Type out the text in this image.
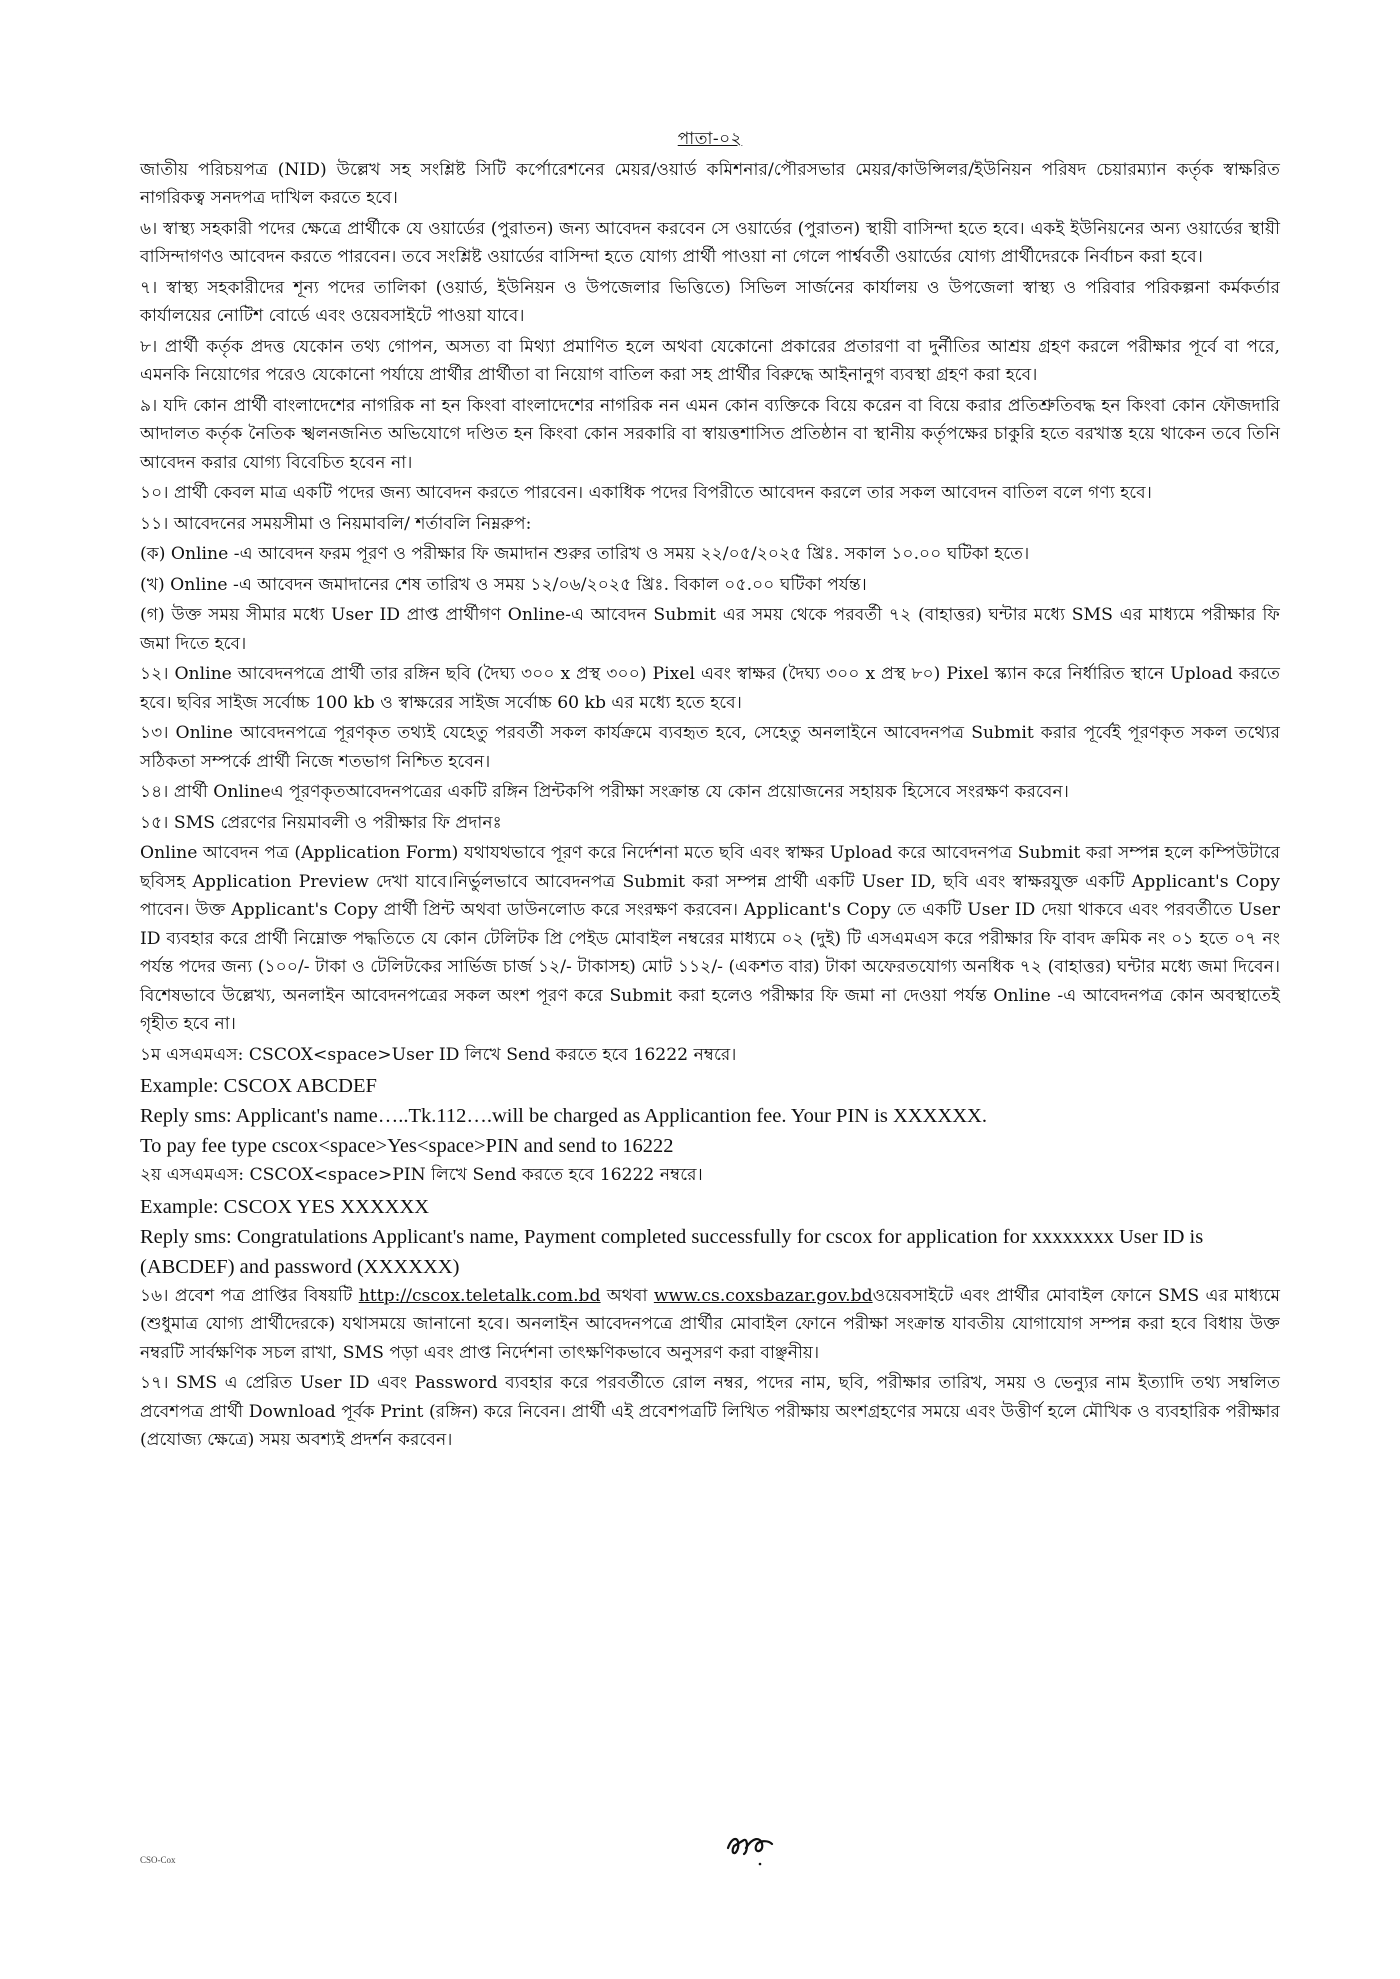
পাতা-০২

জাতীয় পরিচয়পত্র (NID) উল্লেখ সহ সংশ্লিষ্ট সিটি কর্পোরেশনের মেয়র/ওয়ার্ড কমিশনার/পৌরসভার মেয়র/কাউন্সিলর/ইউনিয়ন পরিষদ চেয়ারম্যান কর্তৃক স্বাক্ষরিত নাগরিকত্ব সনদপত্র দাখিল করতে হবে।

৬। স্বাস্থ্য সহকারী পদের ক্ষেত্রে প্রার্থীকে যে ওয়ার্ডের (পুরাতন) জন্য আবেদন করবেন সে ওয়ার্ডের (পুরাতন) স্থায়ী বাসিন্দা হতে হবে। একই ইউনিয়নের অন্য ওয়ার্ডের স্থায়ী বাসিন্দাগণও আবেদন করতে পারবেন। তবে সংশ্লিষ্ট ওয়ার্ডের বাসিন্দা হতে যোগ্য প্রার্থী পাওয়া না গেলে পার্শ্ববর্তী ওয়ার্ডের যোগ্য প্রার্থীদেরকে নির্বাচন করা হবে।

৭। স্বাস্থ্য সহকারীদের শূন্য পদের তালিকা (ওয়ার্ড, ইউনিয়ন ও উপজেলার ভিত্তিতে) সিভিল সার্জনের কার্যালয় ও উপজেলা স্বাস্থ্য ও পরিবার পরিকল্পনা কর্মকর্তার কার্যালয়ের নোটিশ বোর্ডে এবং ওয়েবসাইটে পাওয়া যাবে।

৮। প্রার্থী কর্তৃক প্রদত্ত যেকোন তথ্য গোপন, অসত্য বা মিথ্যা প্রমাণিত হলে অথবা যেকোনো প্রকারের প্রতারণা বা দুর্নীতির আশ্রয় গ্রহণ করলে পরীক্ষার পূর্বে বা পরে, এমনকি নিয়োগের পরেও যেকোনো পর্যায়ে প্রার্থীর প্রার্থীতা বা নিয়োগ বাতিল করা সহ প্রার্থীর বিরুদ্ধে আইনানুগ ব্যবস্থা গ্রহণ করা হবে।

৯। যদি কোন প্রার্থী বাংলাদেশের নাগরিক না হন কিংবা বাংলাদেশের নাগরিক নন এমন কোন ব্যক্তিকে বিয়ে করেন বা বিয়ে করার প্রতিশ্রুতিবদ্ধ হন কিংবা কোন ফৌজদারি আদালত কর্তৃক নৈতিক স্খলনজনিত অভিযোগে দণ্ডিত হন কিংবা কোন সরকারি বা স্বায়ত্তশাসিত প্রতিষ্ঠান বা স্থানীয় কর্তৃপক্ষের চাকুরি হতে বরখাস্ত হয়ে থাকেন তবে তিনি আবেদন করার যোগ্য বিবেচিত হবেন না।

১০। প্রার্থী কেবল মাত্র একটি পদের জন্য আবেদন করতে পারবেন। একাধিক পদের বিপরীতে আবেদন করলে তার সকল আবেদন বাতিল বলে গণ্য হবে।

১১। আবেদনের সময়সীমা ও নিয়মাবলি/ শর্তাবলি নিম্নরুপ:

(ক) Online -এ আবেদন ফরম পূরণ ও পরীক্ষার ফি জমাদান শুরুর তারিখ ও সময় ২২/০৫/২০২৫ খ্রিঃ. সকাল ১০.০০ ঘটিকা হতে।

(খ) Online -এ আবেদন জমাদানের শেষ তারিখ ও সময় ১২/০৬/২০২৫ খ্রিঃ. বিকাল ০৫.০০ ঘটিকা পর্যন্ত।

(গ) উক্ত সময় সীমার মধ্যে User ID প্রাপ্ত প্রার্থীগণ Online-এ আবেদন Submit এর সময় থেকে পরবর্তী ৭২ (বাহাত্তর) ঘন্টার মধ্যে SMS এর মাধ্যমে পরীক্ষার ফি জমা দিতে হবে।

১২। Online আবেদনপত্রে প্রার্থী তার রঙ্গিন ছবি (দৈঘ্য ৩০০ x প্রস্থ ৩০০) Pixel এবং স্বাক্ষর (দৈঘ্য ৩০০ x প্রস্থ ৮০) Pixel স্ক্যান করে নির্ধারিত স্থানে Upload করতে হবে। ছবির সাইজ সর্বোচ্চ 100 kb ও স্বাক্ষরের সাইজ সর্বোচ্চ 60 kb এর মধ্যে হতে হবে।

১৩। Online আবেদনপত্রে পূরণকৃত তথ্যই যেহেতু পরবর্তী সকল কার্যক্রমে ব্যবহৃত হবে, সেহেতু অনলাইনে আবেদনপত্র Submit করার পূর্বেই পূরণকৃত সকল তথ্যের সঠিকতা সম্পর্কে প্রার্থী নিজে শতভাগ নিশ্চিত হবেন।

১৪। প্রার্থী Onlineএ পূরণকৃতআবেদনপত্রের একটি রঙ্গিন প্রিন্টকপি পরীক্ষা সংক্রান্ত যে কোন প্রয়োজনের সহায়ক হিসেবে সংরক্ষণ করবেন।

১৫। SMS প্রেরণের নিয়মাবলী ও পরীক্ষার ফি প্রদানঃ

Online আবেদন পত্র (Application Form) যথাযথভাবে পূরণ করে নির্দেশনা মতে ছবি এবং স্বাক্ষর Upload করে আবেদনপত্র Submit করা সম্পন্ন হলে কম্পিউটারে ছবিসহ Application Preview দেখা যাবে।নির্ভুলভাবে আবেদনপত্র Submit করা সম্পন্ন প্রার্থী একটি User ID, ছবি এবং স্বাক্ষরযুক্ত একটি Applicant's Copy পাবেন। উক্ত Applicant's Copy প্রার্থী প্রিন্ট অথবা ডাউনলোড করে সংরক্ষণ করবেন। Applicant's Copy তে একটি User ID দেয়া থাকবে এবং পরবর্তীতে User ID ব্যবহার করে প্রার্থী নিম্নোক্ত পদ্ধতিতে যে কোন টেলিটক প্রি পেইড মোবাইল নম্বরের মাধ্যমে ০২ (দুই) টি এসএমএস করে পরীক্ষার ফি বাবদ ক্রমিক নং ০১ হতে ০৭ নং পর্যন্ত পদের জন্য (১০০/- টাকা ও টেলিটকের সার্ভিজ চার্জ ১২/- টাকাসহ) মোট ১১২/- (একশত বার) টাকা অফেরতযোগ্য অনধিক ৭২ (বাহাত্তর) ঘন্টার মধ্যে জমা দিবেন। বিশেষভাবে উল্লেখ্য, অনলাইন আবেদনপত্রের সকল অংশ পূরণ করে Submit করা হলেও পরীক্ষার ফি জমা না দেওয়া পর্যন্ত Online -এ আবেদনপত্র কোন অবস্থাতেই গৃহীত হবে না।

১ম এসএমএস: CSCOX<space>User ID লিখে Send করতে হবে 16222 নম্বরে।

Example: CSCOX ABCDEF

Reply sms: Applicant's name…..Tk.112….will be charged as Applicantion fee. Your PIN is XXXXXX.

To pay fee type cscox<space>Yes<space>PIN and send to 16222

২য় এসএমএস: CSCOX<space>PIN লিখে Send করতে হবে 16222 নম্বরে।

Example: CSCOX YES XXXXXX

Reply sms: Congratulations Applicant's name, Payment completed successfully for cscox for application for xxxxxxxx User ID is (ABCDEF) and password (XXXXXX)

১৬। প্রবেশ পত্র প্রাপ্তির বিষয়টি http://cscox.teletalk.com.bd অথবা www.cs.coxsbazar.gov.bdওয়েবসাইটে এবং প্রার্থীর মোবাইল ফোনে SMS এর মাধ্যমে (শুধুমাত্র যোগ্য প্রার্থীদেরকে) যথাসময়ে জানানো হবে। অনলাইন আবেদনপত্রে প্রার্থীর মোবাইল ফোনে পরীক্ষা সংক্রান্ত যাবতীয় যোগাযোগ সম্পন্ন করা হবে বিধায় উক্ত নম্বরটি সার্বক্ষণিক সচল রাখা, SMS পড়া এবং প্রাপ্ত নির্দেশনা তাৎক্ষণিকভাবে অনুসরণ করা বাঞ্ছনীয়।

১৭। SMS এ প্রেরিত User ID এবং Password ব্যবহার করে পরবর্তীতে রোল নম্বর, পদের নাম, ছবি, পরীক্ষার তারিখ, সময় ও ভেন্যুর নাম ইত্যাদি তথ্য সম্বলিত প্রবেশপত্র প্রার্থী Download পূর্বক Print (রঙ্গিন) করে নিবেন। প্রার্থী এই প্রবেশপত্রটি লিখিত পরীক্ষায় অংশগ্রহণের সময়ে এবং উত্তীর্ণ হলে মৌখিক ও ব্যবহারিক পরীক্ষার (প্রযোজ্য ক্ষেত্রে) সময় অবশ্যই প্রদর্শন করবেন।

CSO-Cox
